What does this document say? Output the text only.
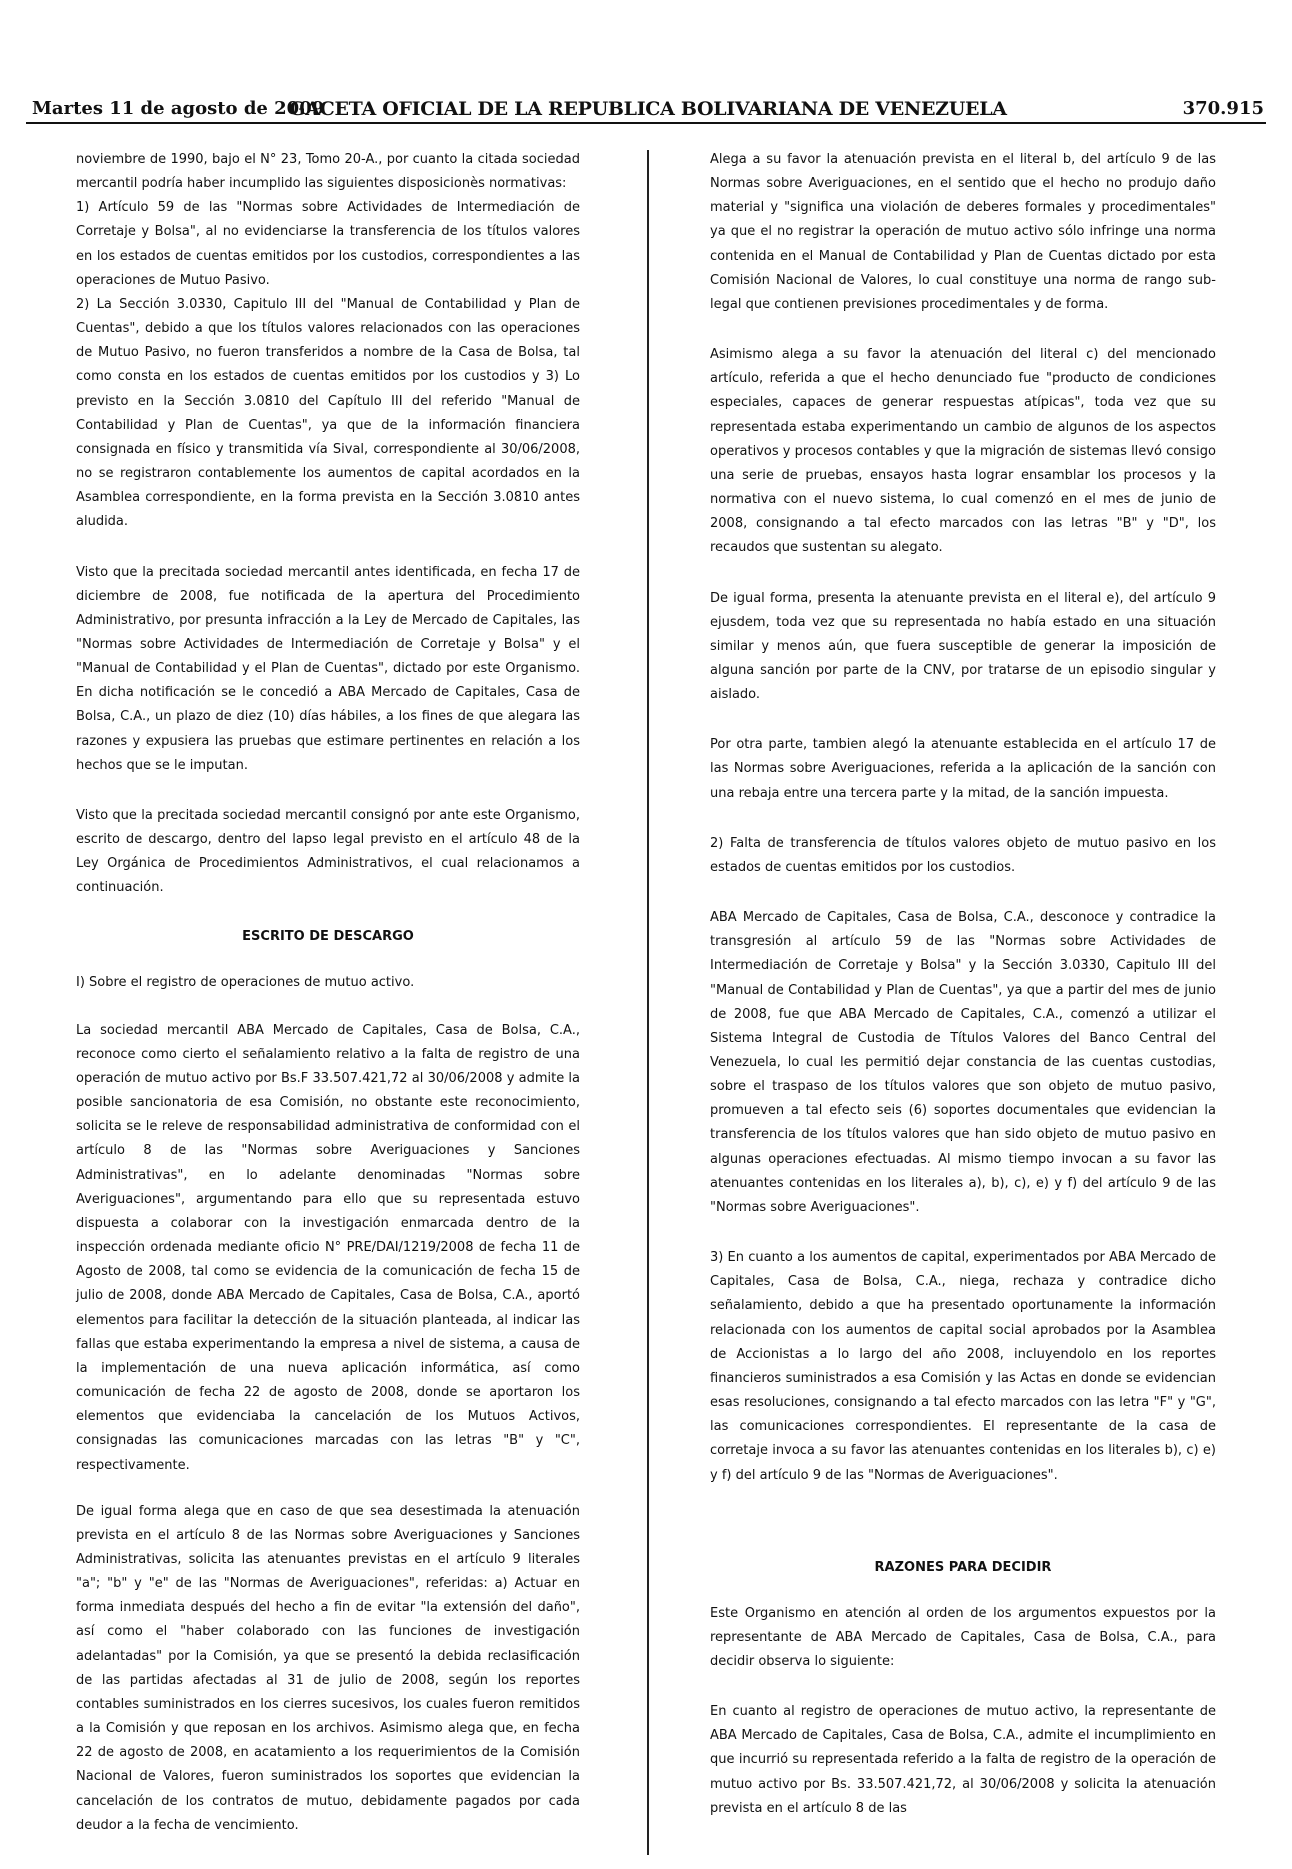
Martes 11 de agosto de 2009
GACETA OFICIAL DE LA REPUBLICA BOLIVARIANA DE VENEZUELA	370.915

noviembre de 1990, bajo el N° 23, Tomo 20-A., por cuanto la citada sociedad mercantil podría haber incumplido las siguientes disposicionès normativas:

1) Artículo 59 de las "Normas sobre Actividades de Intermediación de Corretaje y Bolsa", al no evidenciarse la transferencia de los títulos valores en los estados de cuentas emitidos por los custodios, correspondientes a las operaciones de Mutuo Pasivo.

2) La Sección 3.0330, Capitulo III del "Manual de Contabilidad y Plan de Cuentas", debido a que los títulos valores relacionados con las operaciones de Mutuo Pasivo, no fueron transferidos a nombre de la Casa de Bolsa, tal como consta en los estados de cuentas emitidos por los custodios y 3) Lo previsto en la Sección 3.0810 del Capítulo III del referido "Manual de Contabilidad y Plan de Cuentas", ya que de la información financiera consignada en físico y transmitida vía Sival, correspondiente al 30/06/2008, no se registraron contablemente los aumentos de capital acordados en la Asamblea correspondiente, en la forma prevista en la Sección 3.0810 antes aludida.

Visto que la precitada sociedad mercantil antes identificada, en fecha 17 de diciembre de 2008, fue notificada de la apertura del Procedimiento Administrativo, por presunta infracción a la Ley de Mercado de Capitales, las "Normas sobre Actividades de Intermediación de Corretaje y Bolsa" y el "Manual de Contabilidad y el Plan de Cuentas", dictado por este Organismo. En dicha notificación se le concedió a ABA Mercado de Capitales, Casa de Bolsa, C.A., un plazo de diez (10) días hábiles, a los fines de que alegara las razones y expusiera las pruebas que estimare pertinentes en relación a los hechos que se le imputan.

Visto que la precitada sociedad mercantil consignó por ante este Organismo, escrito de descargo, dentro del lapso legal previsto en el artículo 48 de la Ley Orgánica de Procedimientos Administrativos, el cual relacionamos a continuación.

ESCRITO DE DESCARGO

I) Sobre el registro de operaciones de mutuo activo.

La sociedad mercantil ABA Mercado de Capitales, Casa de Bolsa, C.A., reconoce como cierto el señalamiento relativo a la falta de registro de una operación de mutuo activo por Bs.F 33.507.421,72 al 30/06/2008 y admite la posible sancionatoria de esa Comisión, no obstante este reconocimiento, solicita se le releve de responsabilidad administrativa de conformidad con el artículo 8 de las "Normas sobre Averiguaciones y Sanciones Administrativas", en lo adelante denominadas "Normas sobre Averiguaciones", argumentando para ello que su representada estuvo dispuesta a colaborar con la investigación enmarcada dentro de la inspección ordenada mediante oficio N° PRE/DAI/1219/2008 de fecha 11 de Agosto de 2008, tal como se evidencia de la comunicación de fecha 15 de julio de 2008, donde ABA Mercado de Capitales, Casa de Bolsa, C.A., aportó elementos para facilitar la detección de la situación planteada, al indicar las fallas que estaba experimentando la empresa a nivel de sistema, a causa de la implementación de una nueva aplicación informática, así como comunicación de fecha 22 de agosto de 2008, donde se aportaron los elementos que evidenciaba la cancelación de los Mutuos Activos, consignadas las comunicaciones marcadas con las letras "B" y "C", respectivamente.

De igual forma alega que en caso de que sea desestimada la atenuación prevista en el artículo 8 de las Normas sobre Averiguaciones y Sanciones Administrativas, solicita las atenuantes previstas en el artículo 9 literales "a"; "b" y "e" de las "Normas de Averiguaciones", referidas: a) Actuar en forma inmediata después del hecho a fin de evitar "la extensión del daño", así como el "haber colaborado con las funciones de investigación adelantadas" por la Comisión, ya que se presentó la debida reclasificación de las partidas afectadas al 31 de julio de 2008, según los reportes contables suministrados en los cierres sucesivos, los cuales fueron remitidos a la Comisión y que reposan en los archivos. Asimismo alega que, en fecha 22 de agosto de 2008, en acatamiento a los requerimientos de la Comisión Nacional de Valores, fueron suministrados los soportes que evidencian la cancelación de los contratos de mutuo, debidamente pagados por cada deudor a la fecha de vencimiento.

Alega a su favor la atenuación prevista en el literal b, del artículo 9 de las Normas sobre Averiguaciones, en el sentido que el hecho no produjo daño material y "significa una violación de deberes formales y procedimentales" ya que el no registrar la operación de mutuo activo sólo infringe una norma contenida en el Manual de Contabilidad y Plan de Cuentas dictado por esta Comisión Nacional de Valores, lo cual constituye una norma de rango sub-legal que contienen previsiones procedimentales y de forma.

Asimismo alega a su favor la atenuación del literal c) del mencionado artículo, referida a que el hecho denunciado fue "producto de condiciones especiales, capaces de generar respuestas atípicas", toda vez que su representada estaba experimentando un cambio de algunos de los aspectos operativos y procesos contables y que la migración de sistemas llevó consigo una serie de pruebas, ensayos hasta lograr ensamblar los procesos y la normativa con el nuevo sistema, lo cual comenzó en el mes de junio de 2008, consignando a tal efecto marcados con las letras "B" y "D", los recaudos que sustentan su alegato.

De igual forma, presenta la atenuante prevista en el literal e), del artículo 9 ejusdem, toda vez que su representada no había estado en una situación similar y menos aún, que fuera susceptible de generar la imposición de alguna sanción por parte de la CNV, por tratarse de un episodio singular y aislado.

Por otra parte, tambien alegó la atenuante establecida en el artículo 17 de las Normas sobre Averiguaciones, referida a la aplicación de la sanción con una rebaja entre una tercera parte y la mitad, de la sanción impuesta.

2) Falta de transferencia de títulos valores objeto de mutuo pasivo en los estados de cuentas emitidos por los custodios.

ABA Mercado de Capitales, Casa de Bolsa, C.A., desconoce y contradice la transgresión al artículo 59 de las "Normas sobre Actividades de Intermediación de Corretaje y Bolsa" y la Sección 3.0330, Capitulo III del "Manual de Contabilidad y Plan de Cuentas", ya que a partir del mes de junio de 2008, fue que ABA Mercado de Capitales, C.A., comenzó a utilizar el Sistema Integral de Custodia de Títulos Valores del Banco Central del Venezuela, lo cual les permitió dejar constancia de las cuentas custodias, sobre el traspaso de los títulos valores que son objeto de mutuo pasivo, promueven a tal efecto seis (6) soportes documentales que evidencian la transferencia de los títulos valores que han sido objeto de mutuo pasivo en algunas operaciones efectuadas. Al mismo tiempo invocan a su favor las atenuantes contenidas en los literales a), b), c), e) y f) del artículo 9 de las "Normas sobre Averiguaciones".

3) En cuanto a los aumentos de capital, experimentados por ABA Mercado de Capitales, Casa de Bolsa, C.A., niega, rechaza y contradice dicho señalamiento, debido a que ha presentado oportunamente la información relacionada con los aumentos de capital social aprobados por la Asamblea de Accionistas a lo largo del año 2008, incluyendolo en los reportes financieros suministrados a esa Comisión y las Actas en donde se evidencian esas resoluciones, consignando a tal efecto marcados con las letra "F" y "G", las comunicaciones correspondientes. El representante de la casa de corretaje invoca a su favor las atenuantes contenidas en los literales b), c) e) y f) del artículo 9 de las "Normas de Averiguaciones".

RAZONES PARA DECIDIR

Este Organismo en atención al orden de los argumentos expuestos por la representante de ABA Mercado de Capitales, Casa de Bolsa, C.A., para decidir observa lo siguiente:

En cuanto al registro de operaciones de mutuo activo, la representante de ABA Mercado de Capitales, Casa de Bolsa, C.A., admite el incumplimiento en que incurrió su representada referido a la falta de registro de la operación de mutuo activo por Bs. 33.507.421,72, al 30/06/2008 y solicita la atenuación prevista en el artículo 8 de las
